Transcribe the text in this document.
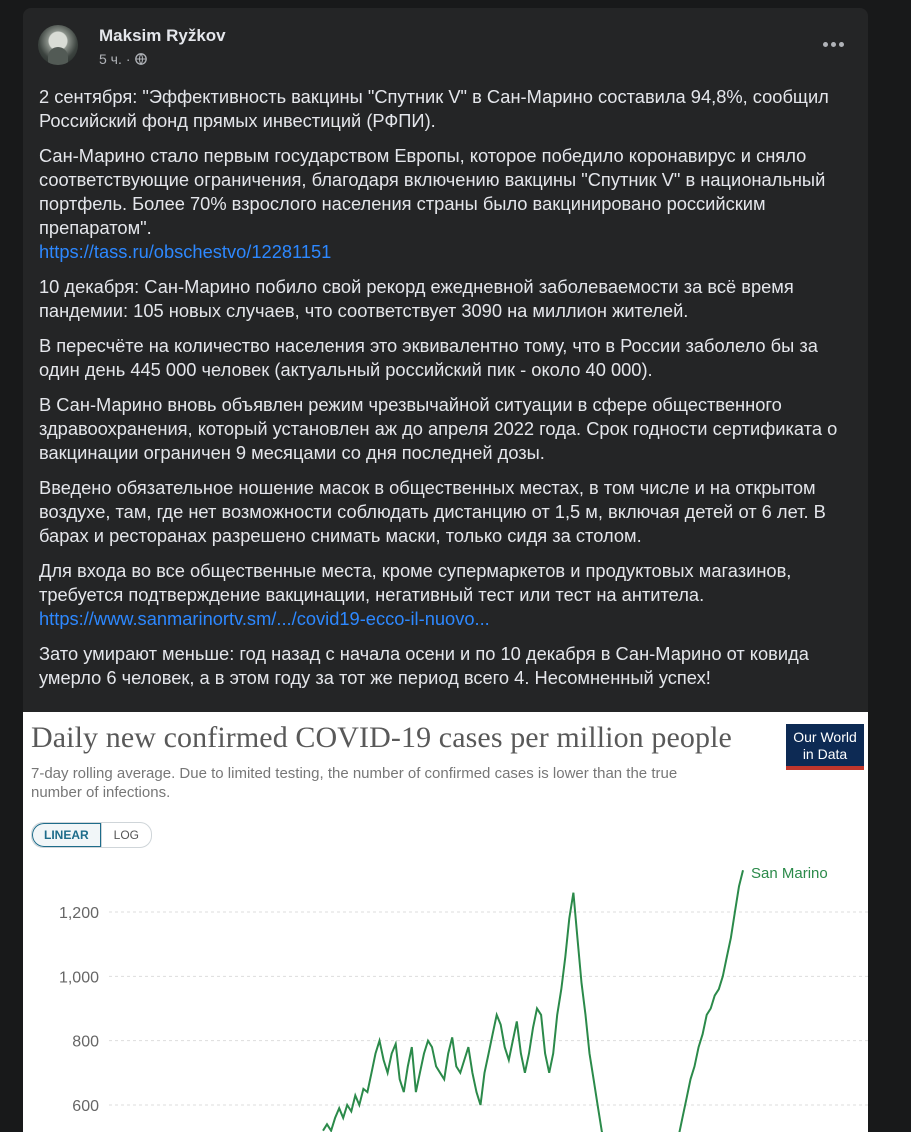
Maksim Ryžkov
5 ч. ·

2 сентября: "Эффективность вакцины "Спутник V" в Сан-Марино составила 94,8%, сообщил Российский фонд прямых инвестиций (РФПИ).

Сан-Марино стало первым государством Европы, которое победило коронавирус и сняло соответствующие ограничения, благодаря включению вакцины "Спутник V" в национальный портфель. Более 70% взрослого населения страны было вакцинировано российским препаратом".
https://tass.ru/obschestvo/12281151

10 декабря: Сан-Марино побило свой рекорд ежедневной заболеваемости за всё время пандемии: 105 новых случаев, что соответствует 3090 на миллион жителей.

В пересчёте на количество населения это эквивалентно тому, что в России заболело бы за один день 445 000 человек (актуальный российский пик - около 40 000).

В Сан-Марино вновь объявлен режим чрезвычайной ситуации в сфере общественного здравоохранения, который установлен аж до апреля 2022 года. Срок годности сертификата о вакцинации ограничен 9 месяцами со дня последней дозы.

Введено обязательное ношение масок в общественных местах, в том числе и на открытом воздухе, там, где нет возможности соблюдать дистанцию от 1,5 м, включая детей от 6 лет. В барах и ресторанах разрешено снимать маски, только сидя за столом.

Для входа во все общественные места, кроме супермаркетов и продуктовых магазинов, требуется подтверждение вакцинации, негативный тест или тест на антитела.
https://www.sanmarinortv.sm/.../covid19-ecco-il-nuovo...

Зато умирают меньше: год назад с начала осени и по 10 декабря в Сан-Марино от ковида умерло 6 человек, а в этом году за тот же период всего 4. Несомненный успех!

Daily new confirmed COVID-19 cases per million people
7-day rolling average. Due to limited testing, the number of confirmed cases is lower than the true number of infections.
Our World
in Data
LINEAR	LOG
600
800
1,000
1,200
San Marino
